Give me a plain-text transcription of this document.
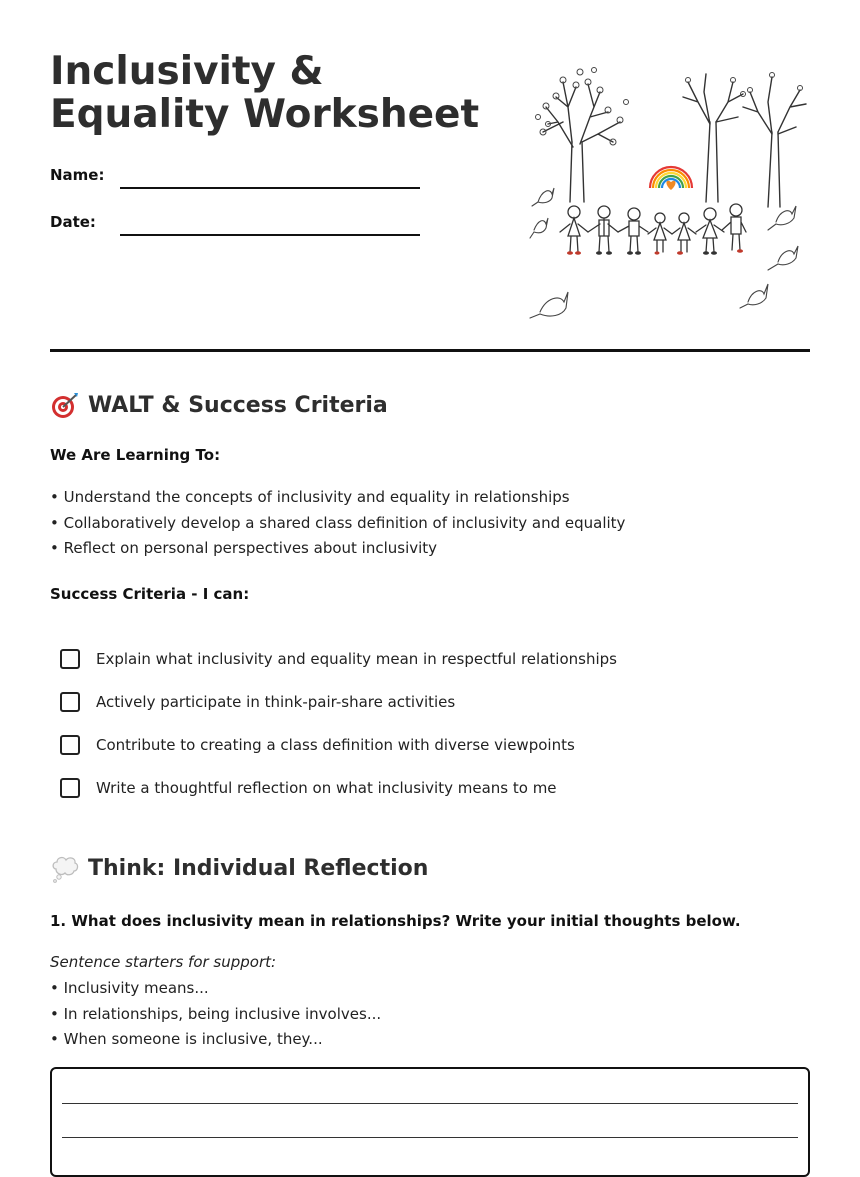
Inclusivity & Equality Worksheet
Name:
Date:
WALT & Success Criteria
We Are Learning To:
• Understand the concepts of inclusivity and equality in relationships
• Collaboratively develop a shared class definition of inclusivity and equality
• Reflect on personal perspectives about inclusivity
Success Criteria - I can:
Explain what inclusivity and equality mean in respectful relationships
Actively participate in think-pair-share activities
Contribute to creating a class definition with diverse viewpoints
Write a thoughtful reflection on what inclusivity means to me
Think: Individual Reflection
1. What does inclusivity mean in relationships? Write your initial thoughts below.
Sentence starters for support:
• Inclusivity means...
• In relationships, being inclusive involves...
• When someone is inclusive, they...
